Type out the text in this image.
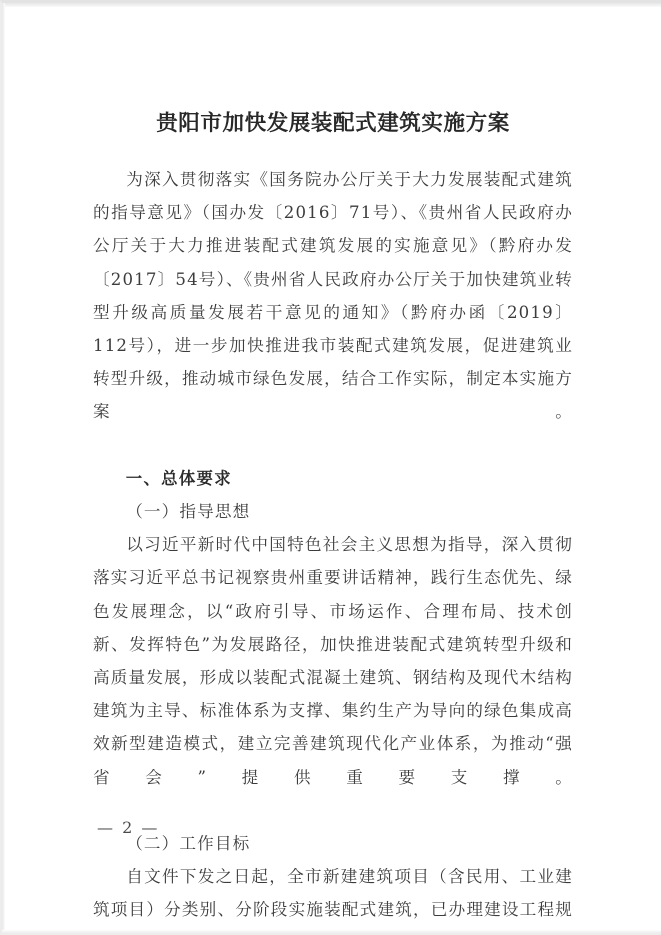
贵阳市加快发展装配式建筑实施方案

为深入贯彻落实《国务院办公厅关于大力发展装配式建筑的指导意见》（国办发〔2016〕71号）、《贵州省人民政府办公厅关于大力推进装配式建筑发展的实施意见》（黔府办发〔2017〕54号）、《贵州省人民政府办公厅关于加快建筑业转型升级高质量发展若干意见的通知》（黔府办函〔2019〕112号），进一步加快推进我市装配式建筑发展，促进建筑业转型升级，推动城市绿色发展，结合工作实际，制定本实施方案。

一、总体要求

（一）指导思想

以习近平新时代中国特色社会主义思想为指导，深入贯彻落实习近平总书记视察贵州重要讲话精神，践行生态优先、绿色发展理念，以“政府引导、市场运作、合理布局、技术创新、发挥特色”为发展路径，加快推进装配式建筑转型升级和高质量发展，形成以装配式混凝土建筑、钢结构及现代木结构建筑为主导、标准体系为支撑、集约生产为导向的绿色集成高效新型建造模式，建立完善建筑现代化产业体系，为推动“强省会”提供重要支撑。

（二）工作目标

自文件下发之日起，全市新建建筑项目（含民用、工业建筑项目）分类别、分阶段实施装配式建筑，已办理建设工程规

— 2 —
